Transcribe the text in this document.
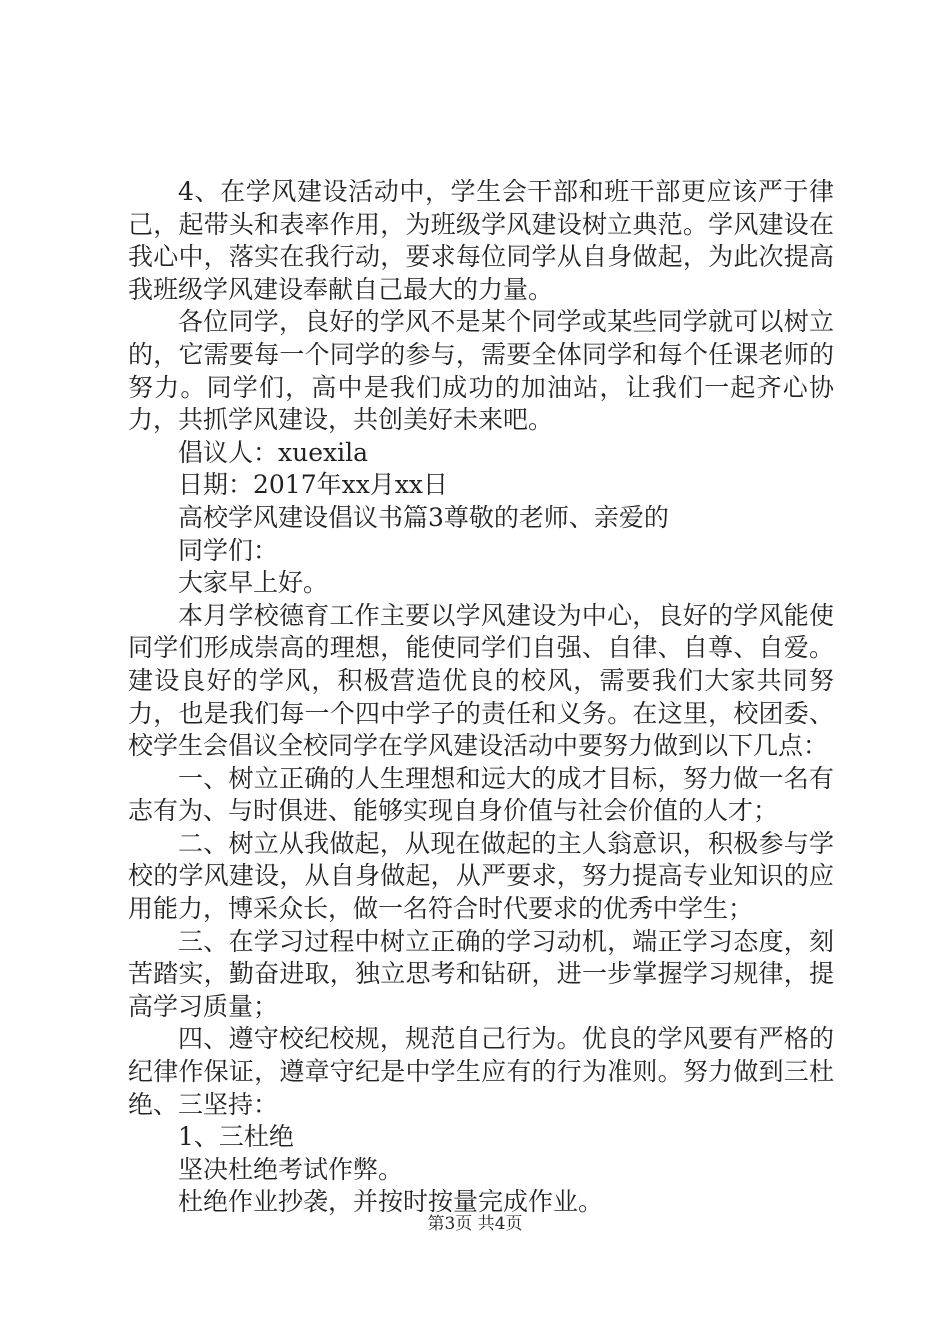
4、在学风建设活动中，学生会干部和班干部更应该严于律己，起带头和表率作用，为班级学风建设树立典范。学风建设在我心中，落实在我行动，要求每位同学从自身做起，为此次提高我班级学风建设奉献自己最大的力量。

各位同学，良好的学风不是某个同学或某些同学就可以树立的，它需要每一个同学的参与，需要全体同学和每个任课老师的努力。同学们，高中是我们成功的加油站，让我们一起齐心协力，共抓学风建设，共创美好未来吧。

倡议人：xuexila

日期：2017年xx月xx日

高校学风建设倡议书篇3尊敬的老师、亲爱的

同学们：

大家早上好。

本月学校德育工作主要以学风建设为中心，良好的学风能使同学们形成崇高的理想，能使同学们自强、自律、自尊、自爱。建设良好的学风，积极营造优良的校风，需要我们大家共同努力，也是我们每一个四中学子的责任和义务。在这里，校团委、校学生会倡议全校同学在学风建设活动中要努力做到以下几点：

一、树立正确的人生理想和远大的成才目标，努力做一名有志有为、与时俱进、能够实现自身价值与社会价值的人才；

二、树立从我做起，从现在做起的主人翁意识，积极参与学校的学风建设，从自身做起，从严要求，努力提高专业知识的应用能力，博采众长，做一名符合时代要求的优秀中学生；

三、在学习过程中树立正确的学习动机，端正学习态度，刻苦踏实，勤奋进取，独立思考和钻研，进一步掌握学习规律，提高学习质量；

四、遵守校纪校规，规范自己行为。优良的学风要有严格的纪律作保证，遵章守纪是中学生应有的行为准则。努力做到三杜绝、三坚持：

1、三杜绝

坚决杜绝考试作弊。

杜绝作业抄袭，并按时按量完成作业。

第3页 共4页
